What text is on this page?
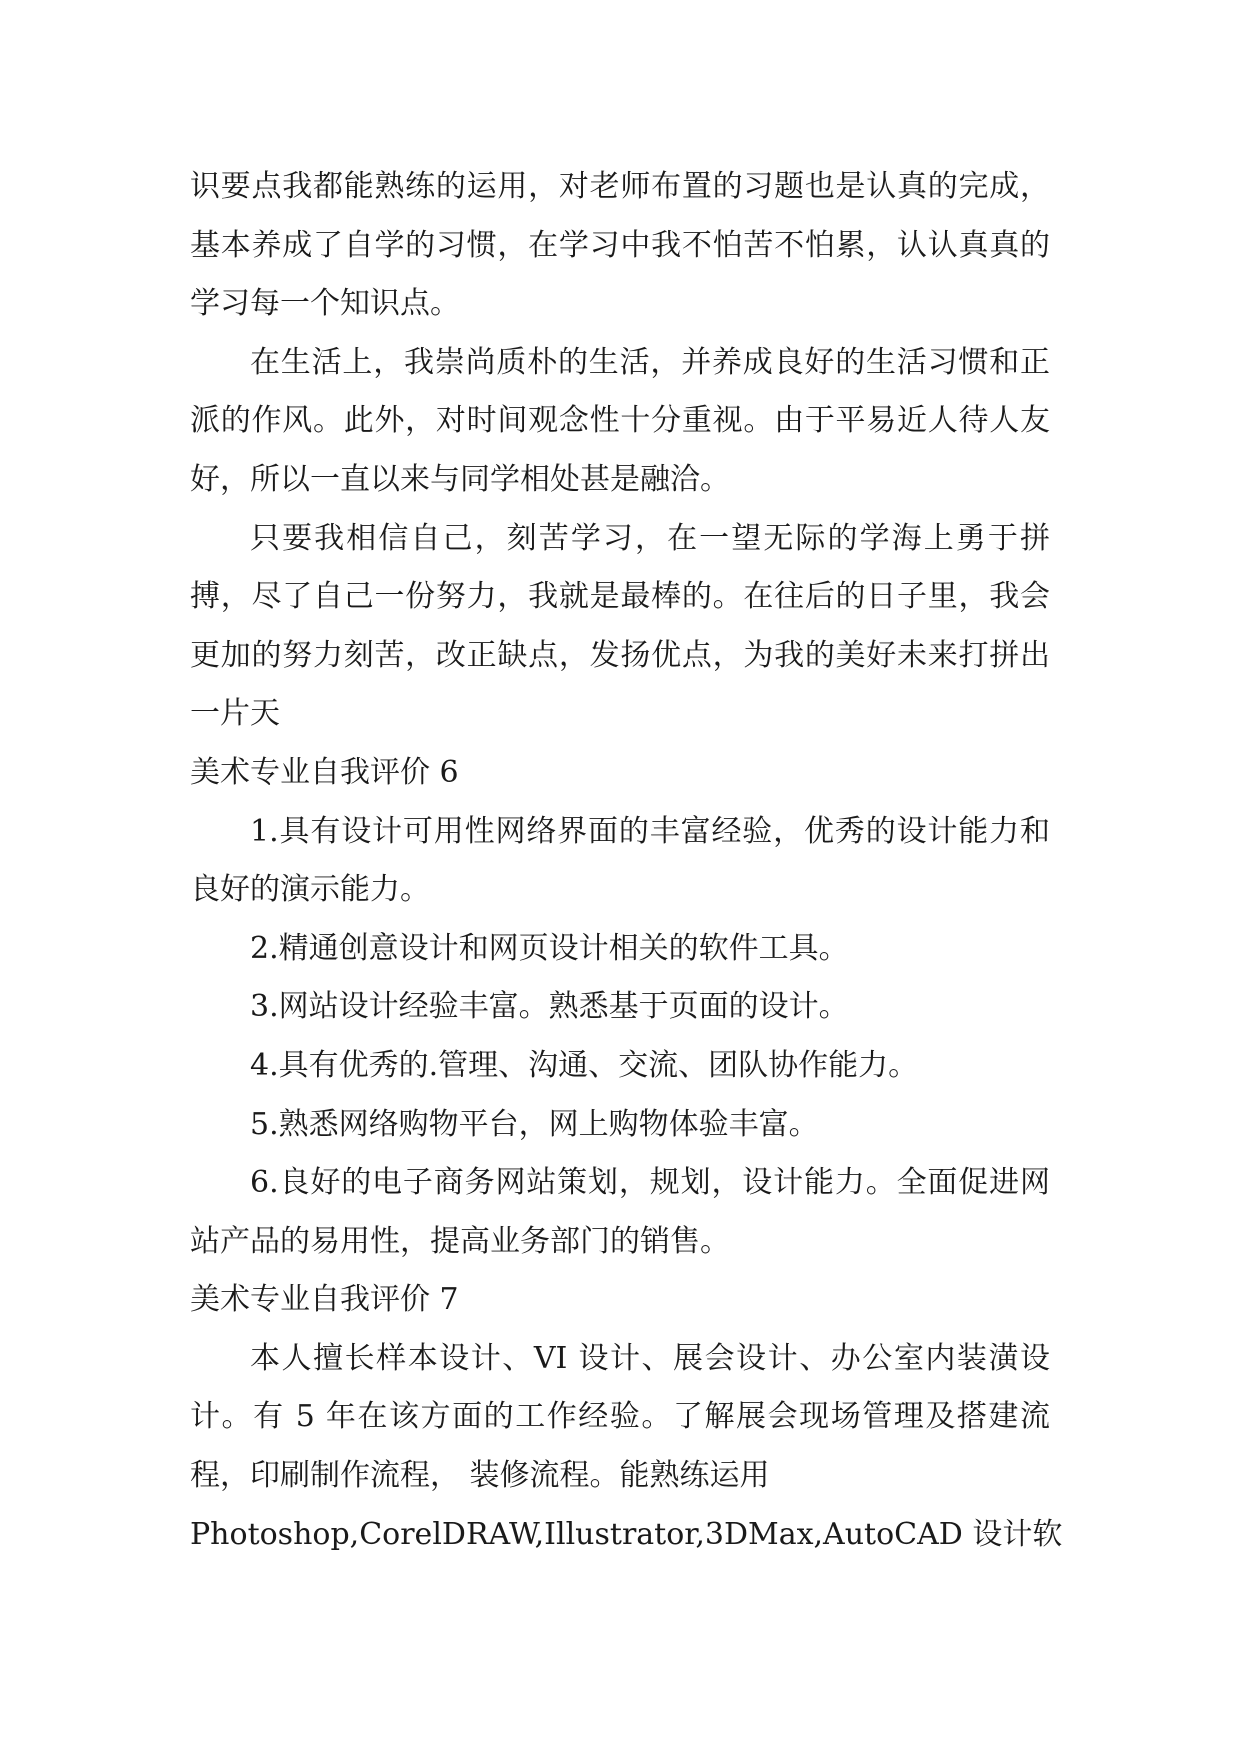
识要点我都能熟练的运用，对老师布置的习题也是认真的完成，基本养成了自学的习惯，在学习中我不怕苦不怕累，认认真真的学习每一个知识点。

在生活上，我崇尚质朴的生活，并养成良好的生活习惯和正派的作风。此外，对时间观念性十分重视。由于平易近人待人友好，所以一直以来与同学相处甚是融洽。

只要我相信自己，刻苦学习，在一望无际的学海上勇于拼搏，尽了自己一份努力，我就是最棒的。在往后的日子里，我会更加的努力刻苦，改正缺点，发扬优点，为我的美好未来打拼出一片天

美术专业自我评价 6

1.具有设计可用性网络界面的丰富经验，优秀的设计能力和良好的演示能力。

2.精通创意设计和网页设计相关的软件工具。

3.网站设计经验丰富。熟悉基于页面的设计。

4.具有优秀的.管理、沟通、交流、团队协作能力。

5.熟悉网络购物平台，网上购物体验丰富。

6.良好的电子商务网站策划，规划，设计能力。全面促进网站产品的易用性，提高业务部门的销售。

美术专业自我评价 7

本人擅长样本设计、VI 设计、展会设计、办公室内装潢设计。有 5 年在该方面的工作经验。了解展会现场管理及搭建流程，印刷制作流程， 装修流程。能熟练运用

Photoshop,CorelDRAW,Illustrator,3DMax,AutoCAD 设计软
